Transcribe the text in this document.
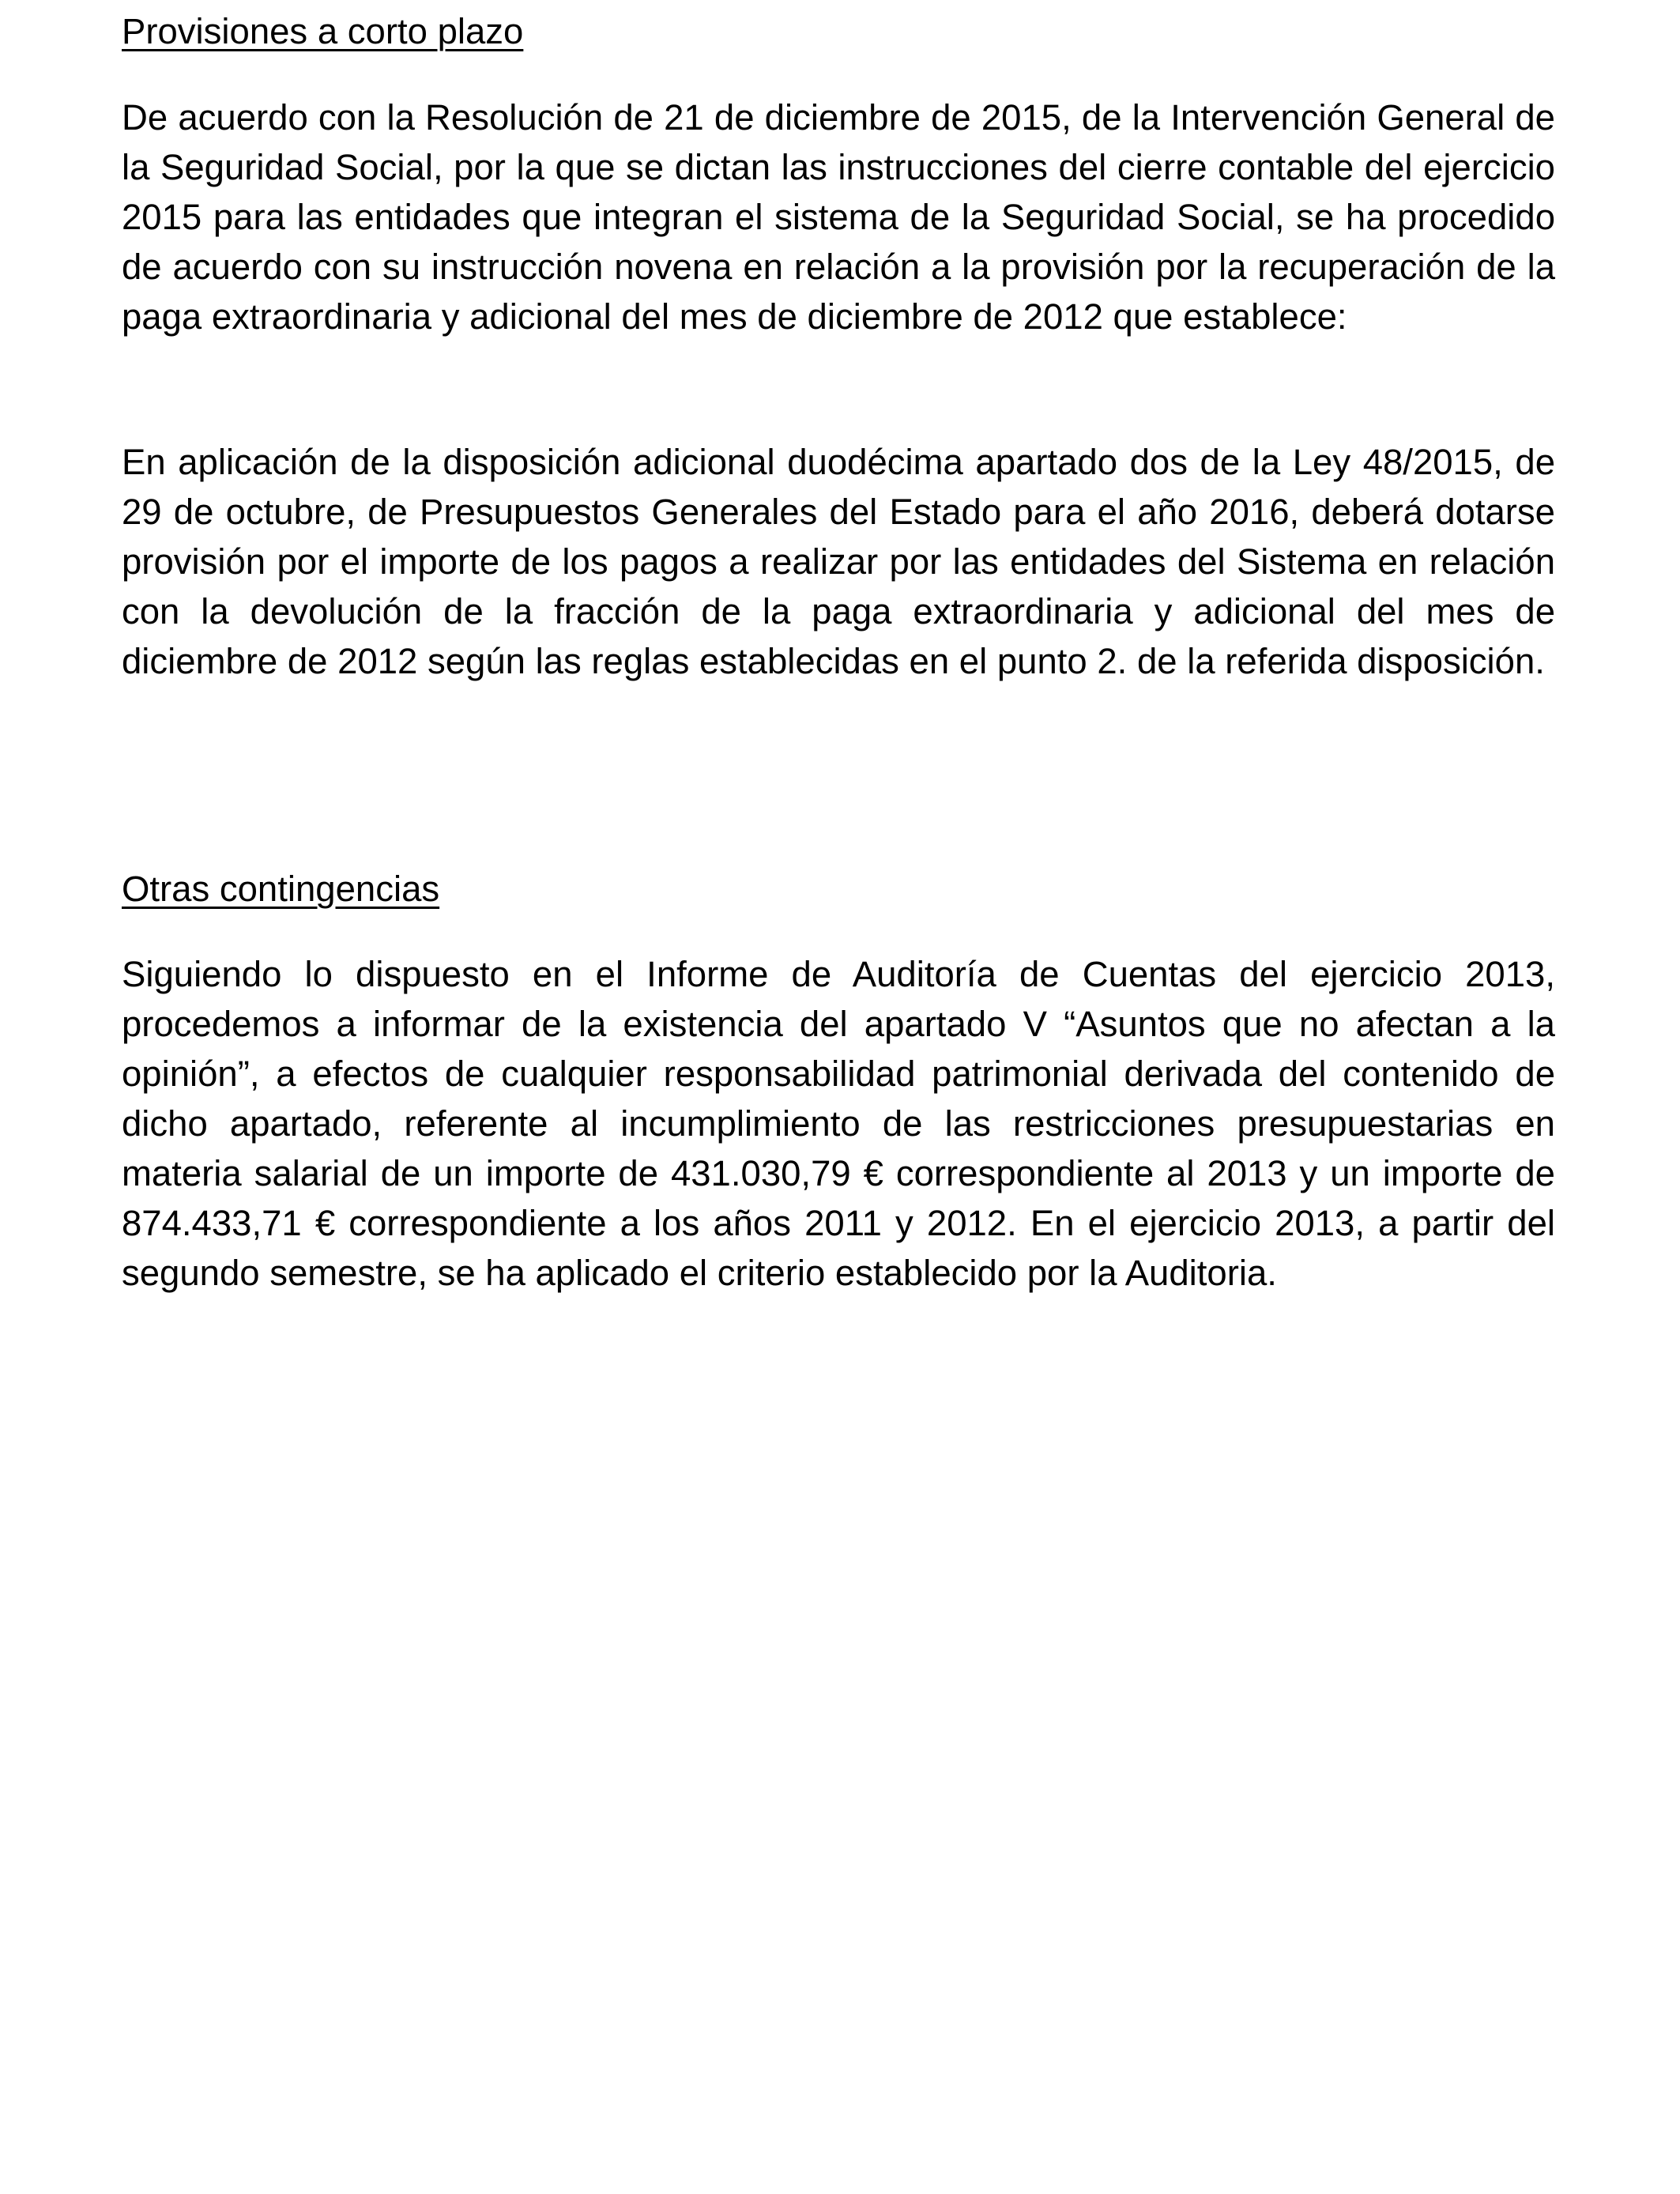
Provisiones a corto plazo
De acuerdo con la Resolución de 21 de diciembre de 2015, de la Intervención General de la Seguridad Social, por la que se dictan las instrucciones del cierre contable del ejercicio 2015 para las entidades que integran el sistema de la Seguridad Social, se ha procedido de acuerdo con su instrucción novena en relación a la provisión por la recuperación de la paga extraordinaria y adicional del mes de diciembre de 2012 que establece:
En aplicación de la disposición adicional duodécima apartado dos de la Ley 48/2015, de 29 de octubre, de Presupuestos Generales del Estado para el año 2016, deberá dotarse provisión por el importe de los pagos a realizar por las entidades del Sistema en relación con la devolución de la fracción de la paga extraordinaria y adicional del mes de diciembre de 2012 según las reglas establecidas en el punto 2. de la referida disposición.
Otras contingencias
Siguiendo lo dispuesto en el Informe de Auditoría de Cuentas del ejercicio 2013, procedemos a informar de la existencia del apartado V “Asuntos que no afectan a la opinión”, a efectos de cualquier responsabilidad patrimonial derivada del contenido de dicho apartado, referente al incumplimiento de las restricciones presupuestarias en materia salarial de un importe de 431.030,79 € correspondiente al 2013 y un importe de 874.433,71 € correspondiente a los años 2011 y 2012. En el ejercicio 2013, a partir del segundo semestre, se ha aplicado el criterio establecido por la Auditoria.
